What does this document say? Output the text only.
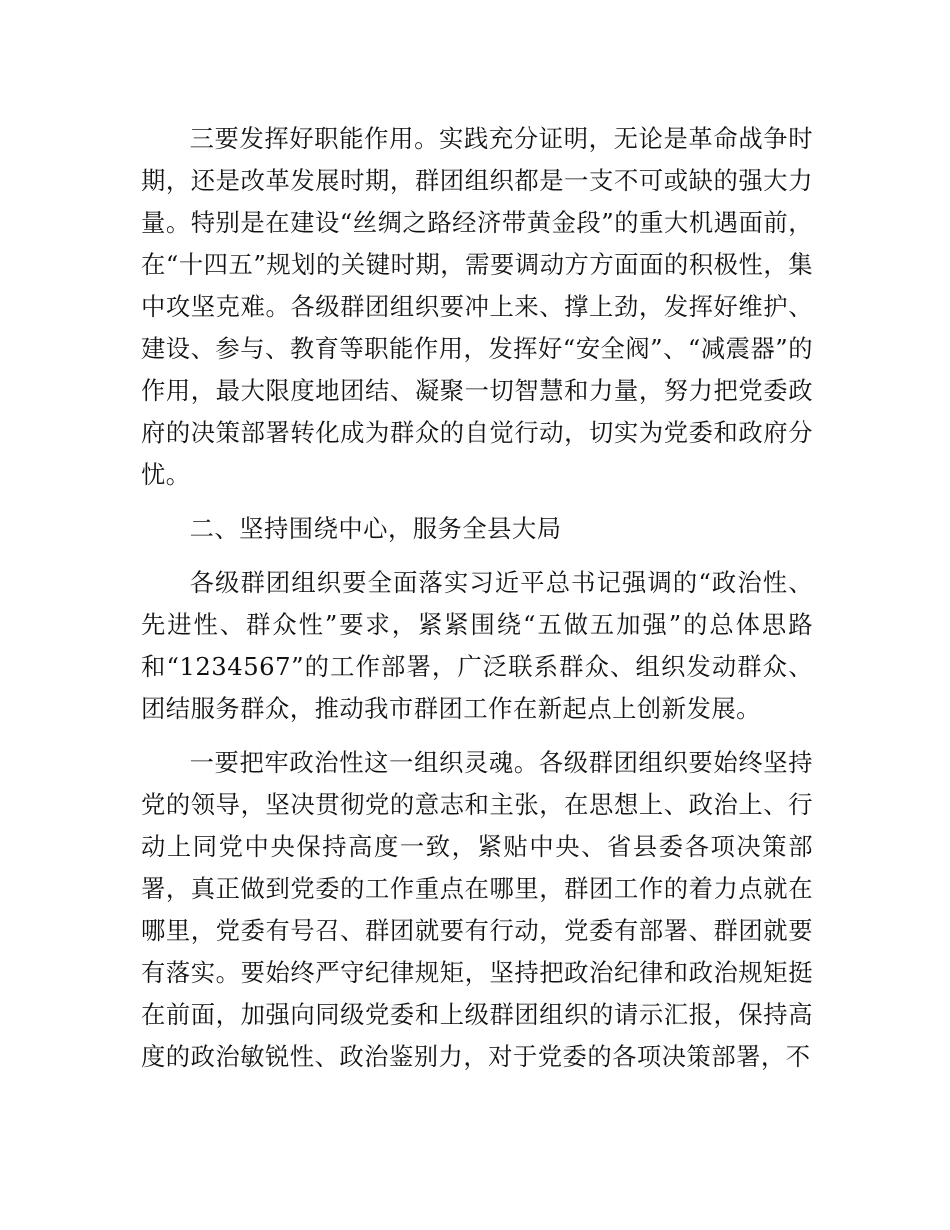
三要发挥好职能作用。实践充分证明，无论是革命战争时期，还是改革发展时期，群团组织都是一支不可或缺的强大力量。特别是在建设“丝绸之路经济带黄金段”的重大机遇面前，在“十四五”规划的关键时期，需要调动方方面面的积极性，集中攻坚克难。各级群团组织要冲上来、撑上劲，发挥好维护、建设、参与、教育等职能作用，发挥好“安全阀”、“减震器”的作用，最大限度地团结、凝聚一切智慧和力量，努力把党委政府的决策部署转化成为群众的自觉行动，切实为党委和政府分忧。

二、坚持围绕中心，服务全县大局

各级群团组织要全面落实习近平总书记强调的“政治性、先进性、群众性”要求，紧紧围绕“五做五加强”的总体思路和“1234567”的工作部署，广泛联系群众、组织发动群众、团结服务群众，推动我市群团工作在新起点上创新发展。

一要把牢政治性这一组织灵魂。各级群团组织要始终坚持党的领导，坚决贯彻党的意志和主张，在思想上、政治上、行动上同党中央保持高度一致，紧贴中央、省县委各项决策部署，真正做到党委的工作重点在哪里，群团工作的着力点就在哪里，党委有号召、群团就要有行动，党委有部署、群团就要有落实。要始终严守纪律规矩，坚持把政治纪律和政治规矩挺在前面，加强向同级党委和上级群团组织的请示汇报，保持高度的政治敏锐性、政治鉴别力，对于党委的各项决策部署，不
